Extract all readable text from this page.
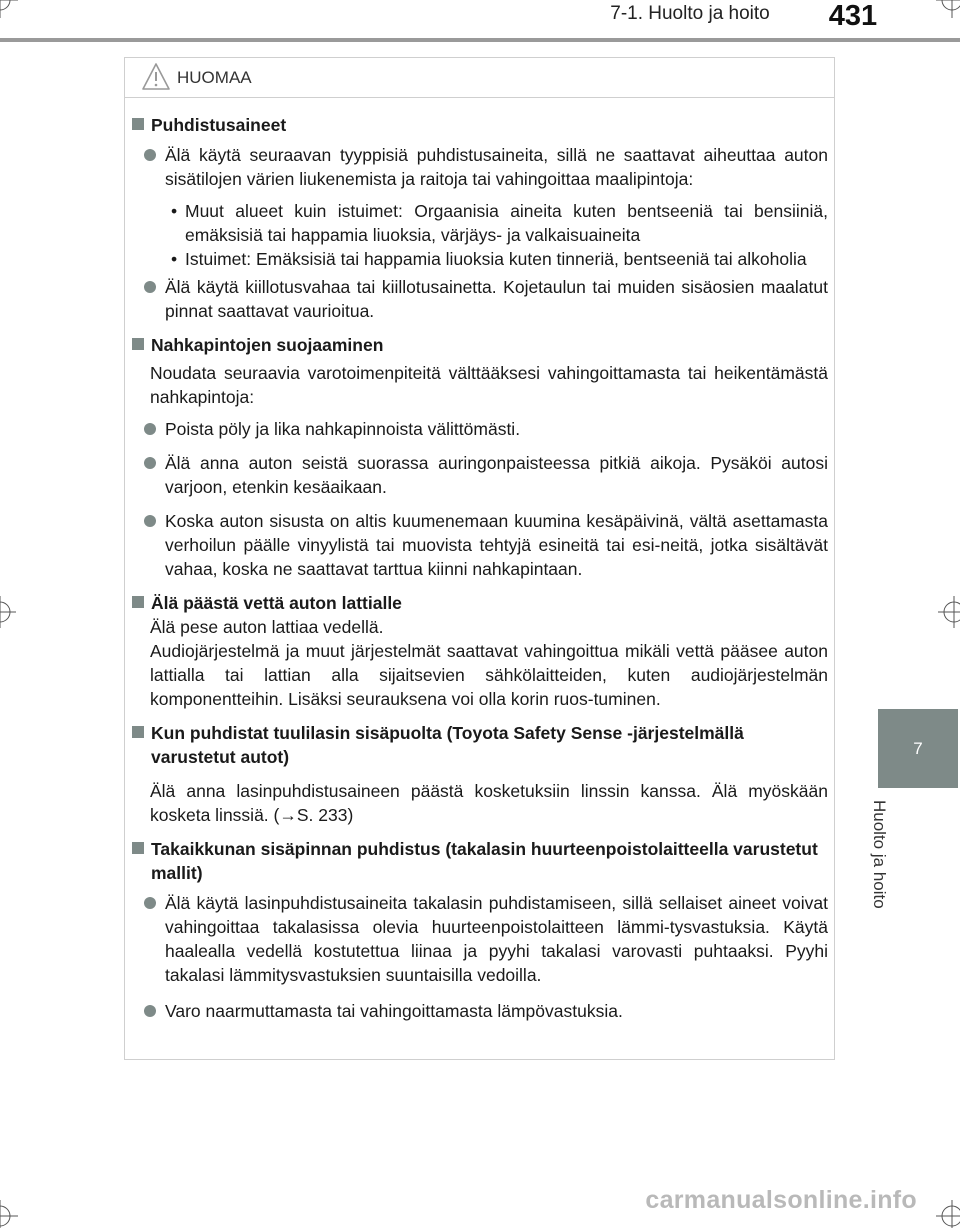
7-1. Huolto ja hoito	431
7
Huolto ja hoito
HUOMAA
Puhdistusaineet
Älä käytä seuraavan tyyppisiä puhdistusaineita, sillä ne saattavat aiheuttaa auton sisätilojen värien liukenemista ja raitoja tai vahingoittaa maalipintoja:
• Muut alueet kuin istuimet: Orgaanisia aineita kuten bentseeniä tai bensiiniä, emäksisiä tai happamia liuoksia, värjäys- ja valkaisuaineita
• Istuimet: Emäksisiä tai happamia liuoksia kuten tinneriä, bentseeniä tai alkoholia
Älä käytä kiillotusvahaa tai kiillotusainetta. Kojetaulun tai muiden sisäosien maalatut pinnat saattavat vaurioitua.
Nahkapintojen suojaaminen
Noudata seuraavia varotoimenpiteitä välttääksesi vahingoittamasta tai heikentämästä nahkapintoja:
Poista pöly ja lika nahkapinnoista välittömästi.
Älä anna auton seistä suorassa auringonpaisteessa pitkiä aikoja. Pysäköi autosi varjoon, etenkin kesäaikaan.
Koska auton sisusta on altis kuumenemaan kuumina kesäpäivinä, vältä asettamasta verhoilun päälle vinyylistä tai muovista tehtyjä esineitä tai esi-neitä, jotka sisältävät vahaa, koska ne saattavat tarttua kiinni nahkapintaan.
Älä päästä vettä auton lattialle
Älä pese auton lattiaa vedellä.
Audiojärjestelmä ja muut järjestelmät saattavat vahingoittua mikäli vettä pääsee auton lattialla tai lattian alla sijaitsevien sähkölaitteiden, kuten audiojärjestelmän komponentteihin. Lisäksi seurauksena voi olla korin ruos-tuminen.
Kun puhdistat tuulilasin sisäpuolta (Toyota Safety Sense -järjestelmällä varustetut autot)
Älä anna lasinpuhdistusaineen päästä kosketuksiin linssin kanssa. Älä myöskään kosketa linssiä. (→S. 233)
Takaikkunan sisäpinnan puhdistus (takalasin huurteenpoistolaitteella varustetut mallit)
Älä käytä lasinpuhdistusaineita takalasin puhdistamiseen, sillä sellaiset aineet voivat vahingoittaa takalasissa olevia huurteenpoistolaitteen lämmi-tysvastuksia. Käytä haalealla vedellä kostutettua liinaa ja pyyhi takalasi varovasti puhtaaksi. Pyyhi takalasi lämmitysvastuksien suuntaisilla vedoilla.
Varo naarmuttamasta tai vahingoittamasta lämpövastuksia.
carmanualsonline.info
